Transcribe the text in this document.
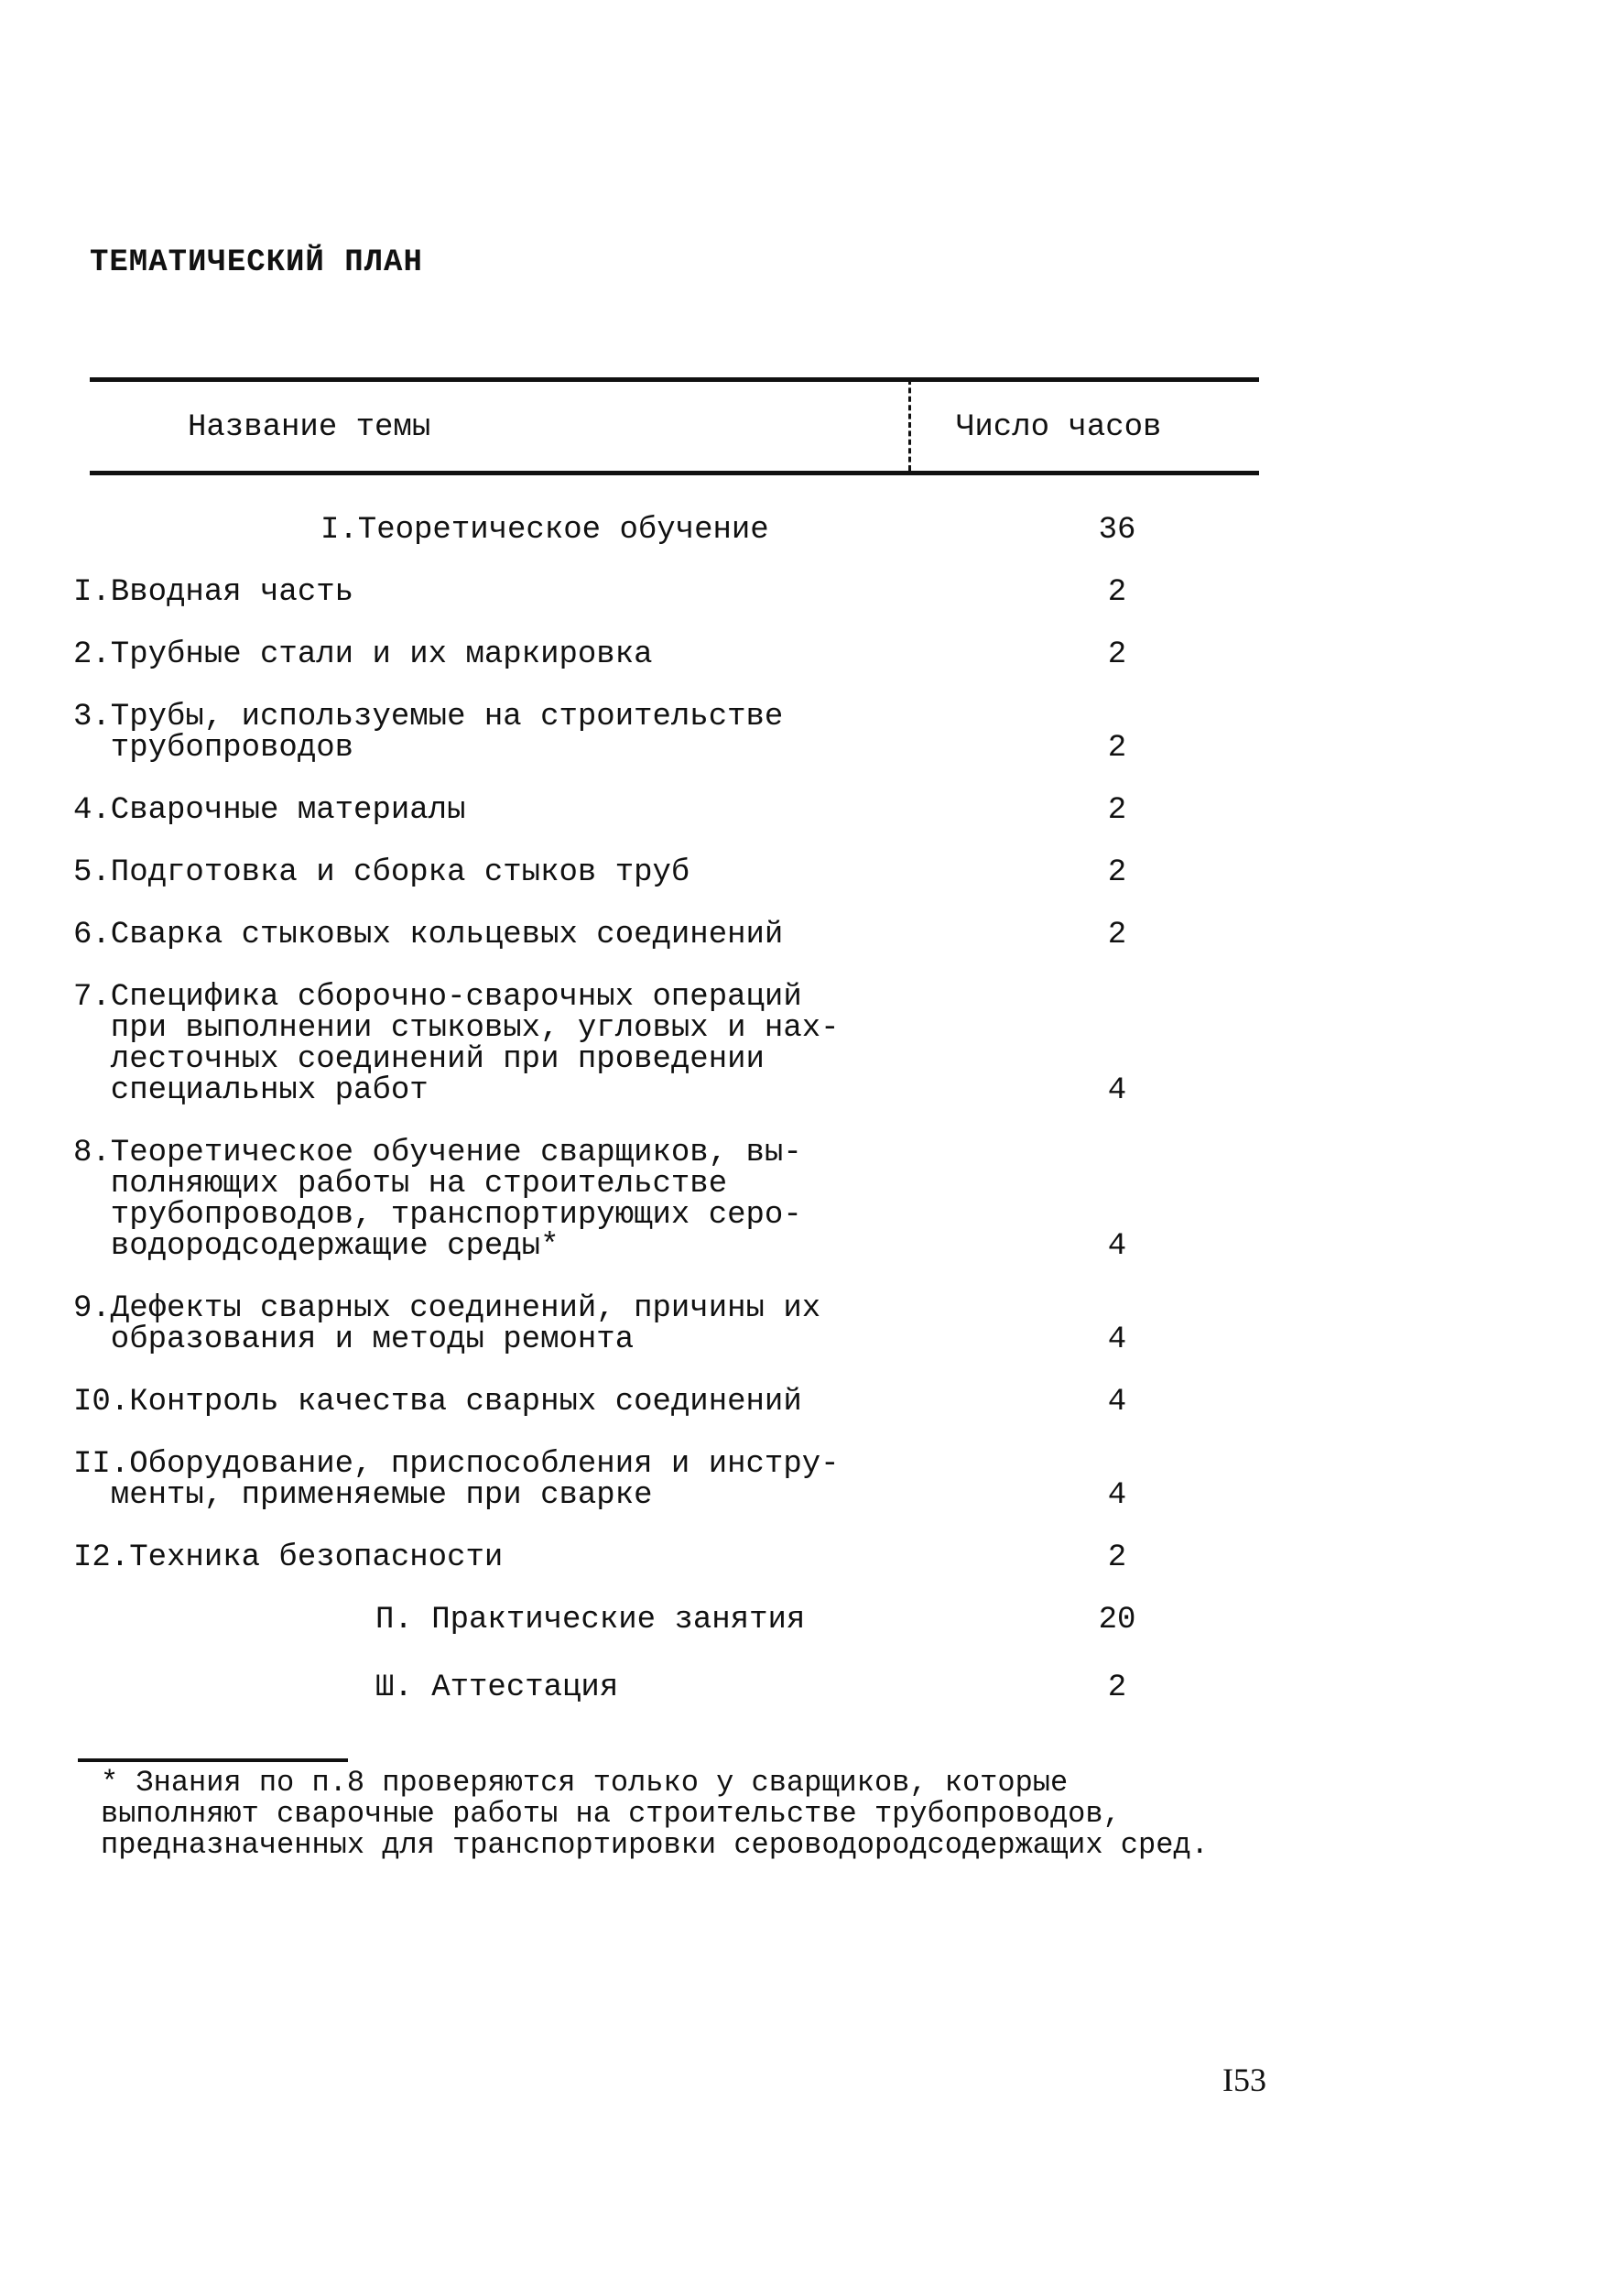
ТЕМАТИЧЕСКИЙ ПЛАН
Название темы	Число часов
I.Теоретическое обучение	36
I.Вводная часть	2
2.Трубные стали и их маркировка	2
3.Трубы, используемые на строительстве
трубопроводов	2
4.Сварочные материалы	2
5.Подготовка и сборка стыков труб	2
6.Сварка стыковых кольцевых соединений	2
7.Специфика сборочно-сварочных операций
при выполнении стыковых, угловых и нах-
лесточных соединений при проведении
специальных работ	4
8.Теоретическое обучение сварщиков, вы-
полняющих работы на строительстве
трубопроводов, транспортирующих серо-
водородсодержащие среды*	4
9.Дефекты сварных соединений, причины их
образования и методы ремонта	4
I0.Контроль качества сварных соединений	4
II.Оборудование, приспособления и инстру-
менты, применяемые при сварке	4
I2.Техника безопасности	2
П. Практические занятия	20
Ш. Аттестация	2
* Знания по п.8 проверяются только у сварщиков, которые
выполняют сварочные работы на строительстве трубопроводов,
предназначенных для транспортировки сероводородсодержащих сред.
I53
